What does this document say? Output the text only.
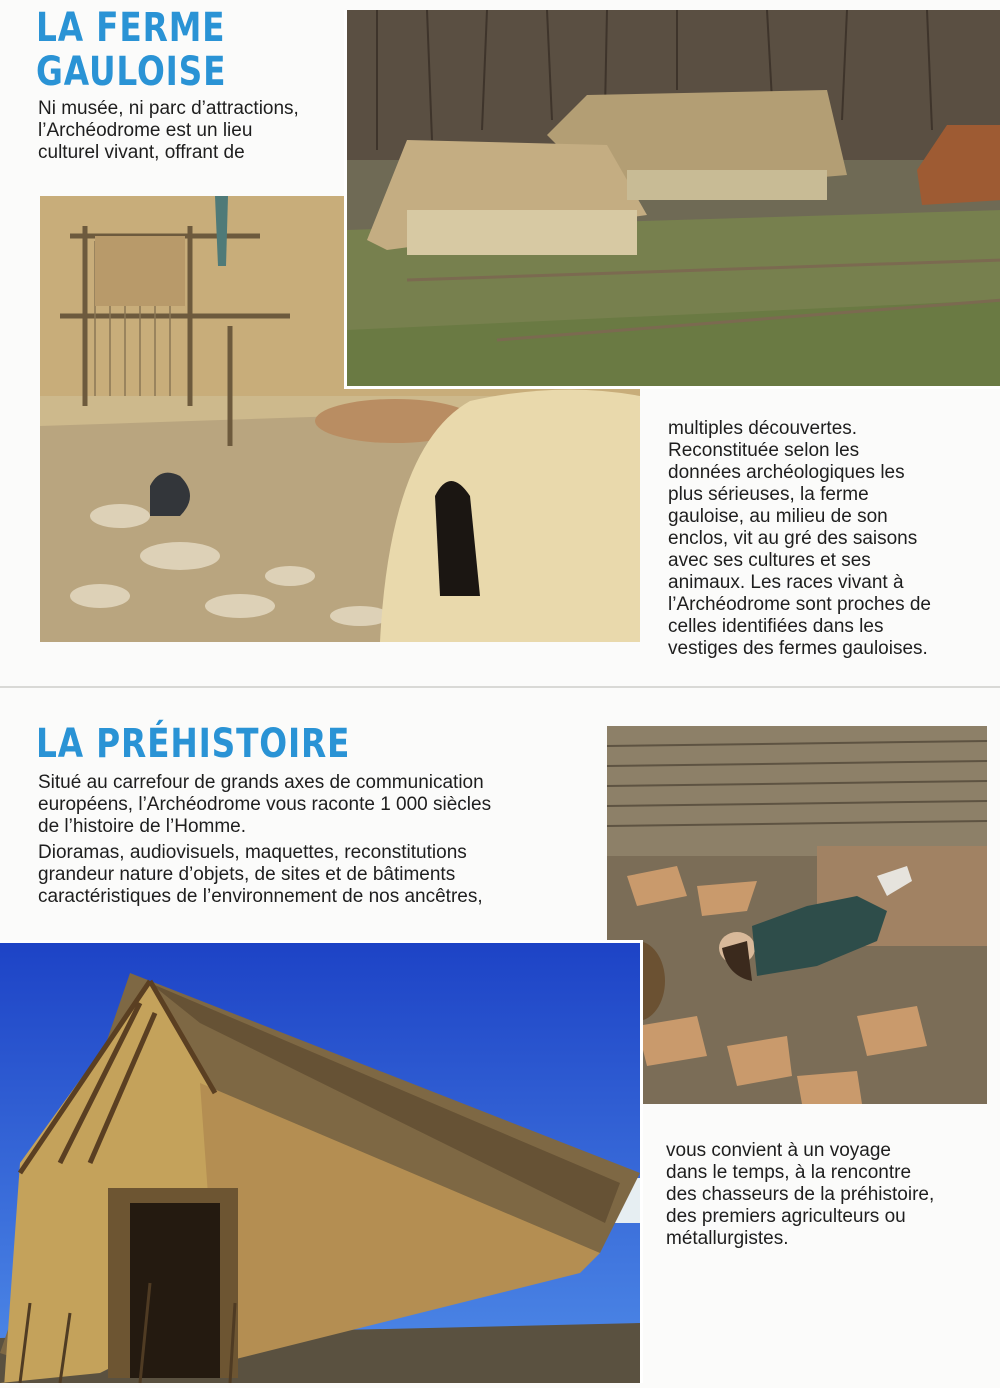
LA FERME
GAULOISE

Ni musée, ni parc d’attractions,

l’Archéodrome est un lieu

culturel vivant, offrant de

multiples découvertes.

Reconstituée selon les

données archéologiques les

plus sérieuses, la ferme

gauloise, au milieu de son

enclos, vit au gré des saisons

avec ses cultures et ses

animaux. Les races vivant à

l’Archéodrome sont proches de

celles identifiées dans les

vestiges des fermes gauloises.

LA PRÉHISTOIRE

Situé au carrefour de grands axes de communication

européens, l’Archéodrome vous raconte 1 000 siècles

de l’histoire de l’Homme.

Dioramas, audiovisuels, maquettes, reconstitutions

grandeur nature d’objets, de sites et de bâtiments

caractéristiques de l’environnement de nos ancêtres,

vous convient à un voyage

dans le temps, à la rencontre

des chasseurs de la préhistoire,

des premiers agriculteurs ou

métallurgistes.
